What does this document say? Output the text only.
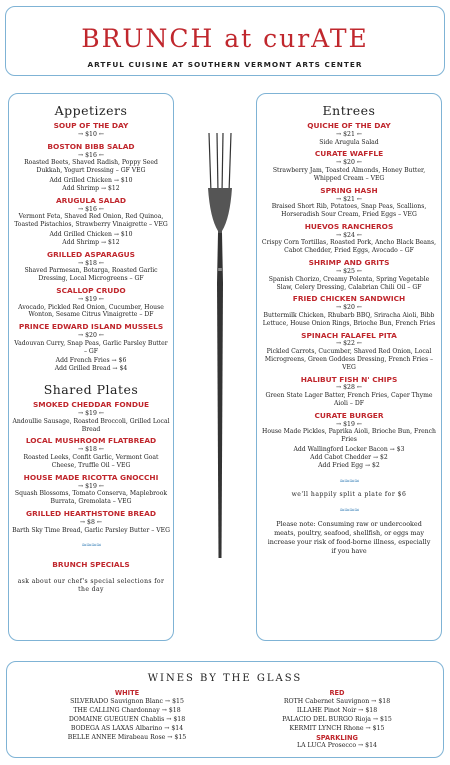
BRUNCH at curATE
ARTFUL CUISINE AT SOUTHERN VERMONT ARTS CENTER
Appetizers
SOUP OF THE DAY
→ $10 ←
BOSTON BIBB SALAD
→ $16 ←
Roasted Beets, Shaved Radish, Poppy Seed Dukkah, Yogurt Dressing – GF VEG
Add Grilled Chicken → $10
Add Shrimp → $12
ARUGULA SALAD
→ $16 ←
Vermont Feta, Shaved Red Onion, Red Quinoa, Toasted Pistachios, Strawberry Vinaigrette – VEG
Add Grilled Chicken → $10
Add Shrimp → $12
GRILLED ASPARAGUS
→ $18 ←
Shaved Parmesan, Botarga, Roasted Garlic Dressing, Local Microgreens – GF
SCALLOP CRUDO
→ $19 ←
Avocado, Pickled Red Onion, Cucumber, House Wonton, Sesame Citrus Vinaigrette – DF
PRINCE EDWARD ISLAND MUSSELS
→ $20 ←
Vadouvan Curry, Snap Peas, Garlic Parsley Butter – GF
Add French Fries → $6
Add Grilled Bread → $4
Shared Plates
SMOKED CHEDDAR FONDUE
→ $19 ←
Andoullie Sausage, Roasted Broccoli, Grilled Local Bread
LOCAL MUSHROOM FLATBREAD
→ $18 ←
Roasted Leeks, Confit Garlic, Vermont Goat Cheese, Truffle Oil – VEG
HOUSE MADE RICOTTA GNOCCHI
→ $19 ←
Squash Blossoms, Tomato Conserva, Maplebrook Burrata, Gremolata – VEG
GRILLED HEARTHSTONE BREAD
→ $8 ←
Barth Sky Time Bread, Garlic Parsley Butter – VEG
≈≈≈≈
BRUNCH SPECIALS
ask about our chef's special selections for the day
Entrees
QUICHE OF THE DAY
→ $21 ←
Side Arugula Salad
CURATE WAFFLE
→ $20 ←
Strawberry Jam, Toasted Almonds, Honey Butter, Whipped Cream – VEG
SPRING HASH
→ $21 ←
Braised Short Rib, Potatoes, Snap Peas, Scallions, Horseradish Sour Cream, Fried Eggs – VEG
HUEVOS RANCHEROS
→ $24 ←
Crispy Corn Tortillas, Roasted Pork, Ancho Black Beans, Cabot Chedder, Fried Eggs, Avocado – GF
SHRIMP AND GRITS
→ $25 ←
Spanish Chorizo, Creamy Polenta, Spring Vegetable Slaw, Celery Dressing, Calabrian Chili Oil – GF
FRIED CHICKEN SANDWICH
→ $20 ←
Buttermilk Chicken, Rhubarb BBQ, Sriracha Aioli, Bibb Lettuce, House Onion Rings, Brioche Bun, French Fries
SPINACH FALAFEL PITA
→ $22 ←
Pickled Carrots, Cucumber, Shaved Red Onion, Local Microgreens, Green Goddess Dressing, French Fries – VEG
HALIBUT FISH N' CHIPS
→ $28 ←
Green State Lager Batter, French Fries, Caper Thyme Aioli – DF
CURATE BURGER
→ $19 ←
House Made Pickles, Paprika Aioli, Brioche Bun, French Fries
Add Wallingford Locker Bacon → $3
Add Cabot Chedder → $2
Add Fried Egg → $2
≈≈≈≈
we'll happily split a plate for $6
≈≈≈≈
Please note: Consuming raw or undercooked meats, poultry, seafood, shellfish, or eggs may increase your risk of food-borne illness, especially if you have
WINES BY THE GLASS
WHITE
SILVERADO Sauvignon Blanc → $15
THE CALLING Chardonnay → $18
DOMAINE GUEGUEN Chablis → $18
BODEGA AS LAXAS Albarino → $14
BELLE ANNEE Mirabeau Rose → $15
RED
ROTH Cabernet Sauvignon → $18
ILLAHE Pinot Noir → $18
PALACIO DEL BURGO Rioja → $15
KERMIT LYNCH Rhone → $15
SPARKLING
LA LUCA Prosecco → $14
